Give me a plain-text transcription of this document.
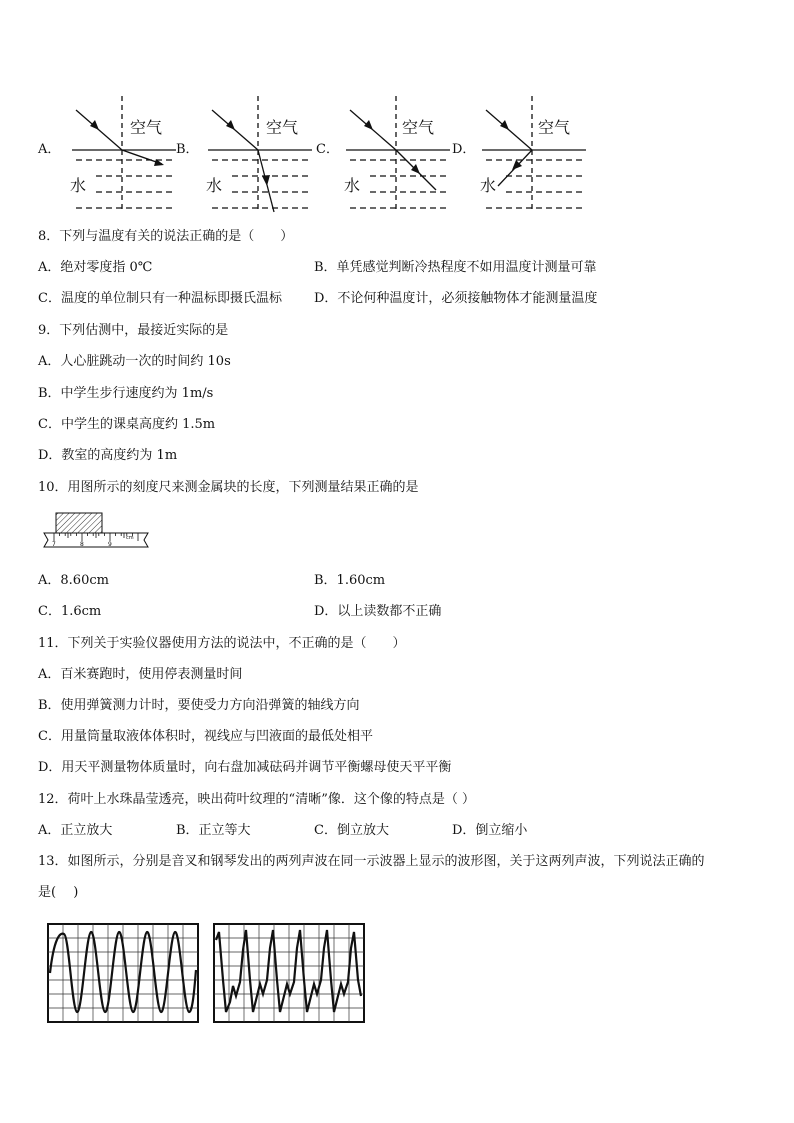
A．
空气
水
B．
空气
水
C．
空气
水
D．
空气
水
8．下列与温度有关的说法正确的是（　　）
A．绝对零度指 0℃	B．单凭感觉判断冷热程度不如用温度计测量可靠
C．温度的单位制只有一种温标即摄氏温标 D．不论何种温度计，必须接触物体才能测量温度
9．下列估测中，最接近实际的是
A．人心脏跳动一次的时间约 10s
B．中学生步行速度约为 1m/s
C．中学生的课桌高度约 1.5m
D．教室的高度约为 1m
10．用图所示的刻度尺来测金属块的长度，下列测量结果正确的是
7	8	9
cm
A．8.60cm	B．1.60cm
C．1.6cm	D．以上读数都不正确
11．下列关于实验仪器使用方法的说法中，不正确的是（　　）
A．百米赛跑时，使用停表测量时间
B．使用弹簧测力计时，要使受力方向沿弹簧的轴线方向
C．用量筒量取液体体积时，视线应与凹液面的最低处相平
D．用天平测量物体质量时，向右盘加减砝码并调节平衡螺母使天平平衡
12．荷叶上水珠晶莹透亮，映出荷叶纹理的“清晰”像．这个像的特点是（ ）
A．正立放大	B．正立等大	C．倒立放大	D．倒立缩小
13．如图所示，分别是音叉和钢琴发出的两列声波在同一示波器上显示的波形图，关于这两列声波，下列说法正确的
是(　 )
